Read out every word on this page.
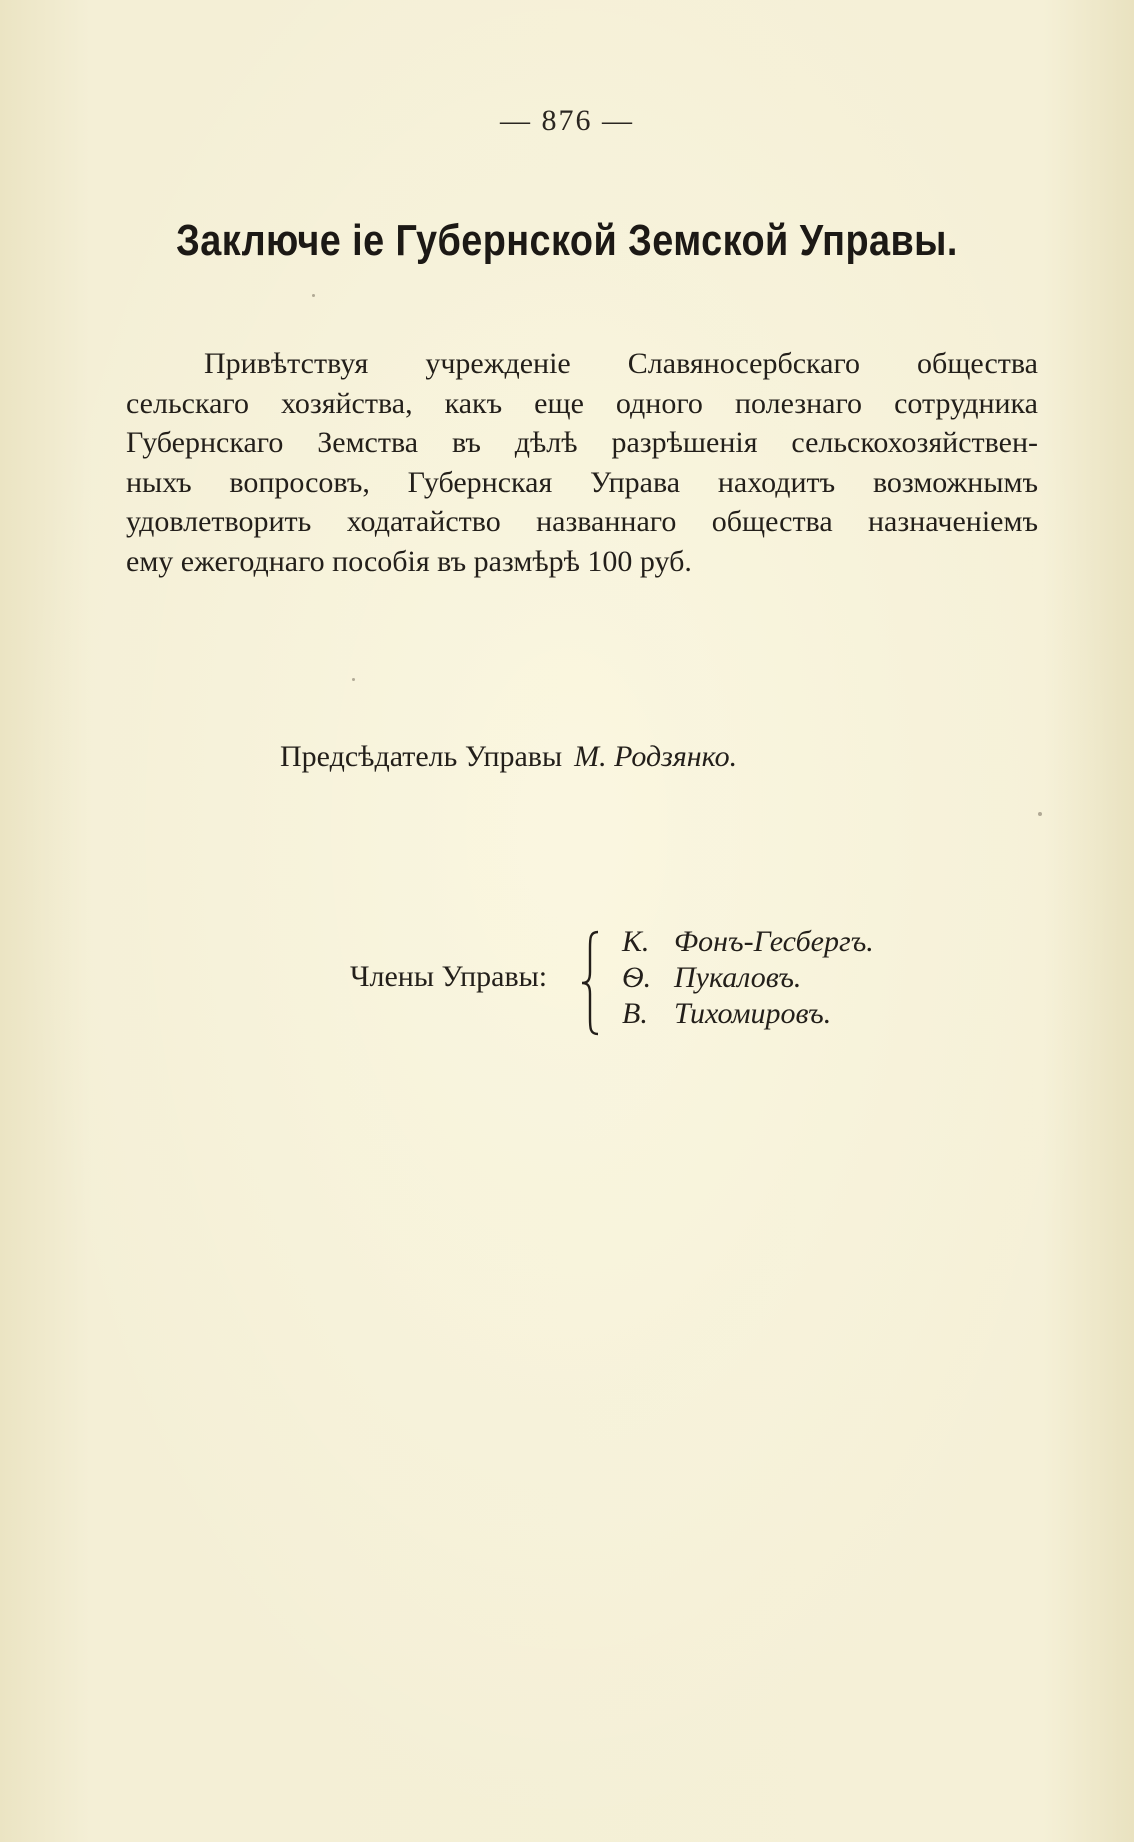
— 876 —
Заключе іе Губернской Земской Управы.
Привѣтствуя учрежденіе Славяносербскаго общества
сельскаго хозяйства, какъ еще одного полезнаго сотрудника
Губернскаго Земства въ дѣлѣ разрѣшенія сельскохозяйствен-
ныхъ вопросовъ, Губернская Управа находитъ возможнымъ
удовлетворить ходатайство названнаго общества назначеніемъ
ему ежегоднаго пособія въ размѣрѣ 100 руб.
Предсѣдатель Управы М. Родзянко.
Члены Управы:
К. Фонъ-Гесбергъ.
Ѳ. Пукаловъ.
В. Тихомировъ.
